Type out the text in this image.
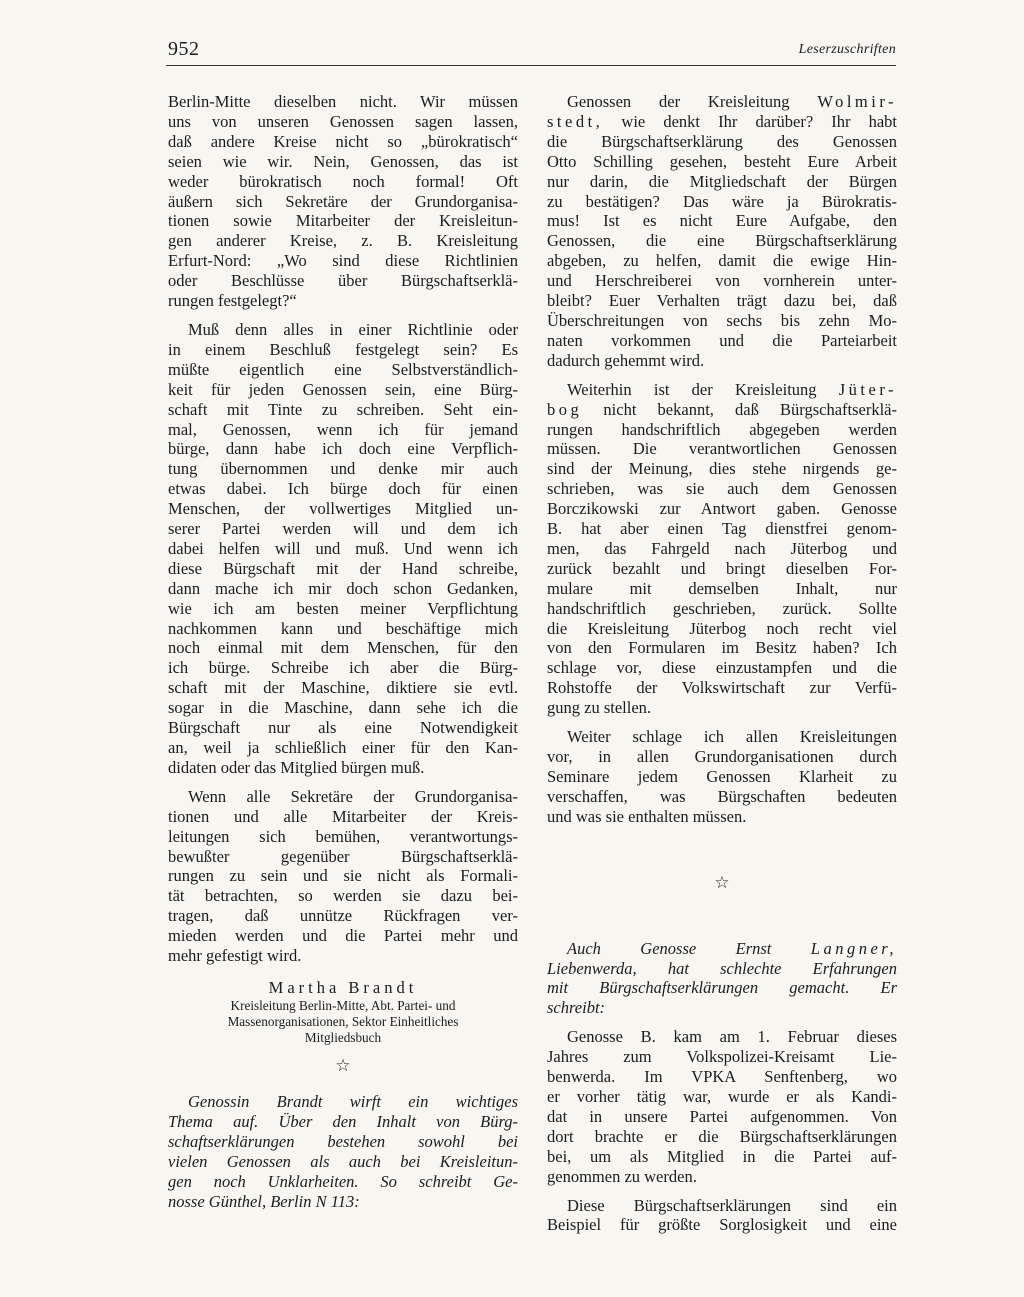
952	Leserzuschriften
Berlin-Mitte dieselben nicht. Wir müssen
uns von unseren Genossen sagen lassen,
daß andere Kreise nicht so „bürokratisch“
seien wie wir. Nein, Genossen, das ist
weder bürokratisch noch formal! Oft
äußern sich Sekretäre der Grundorganisa-
tionen sowie Mitarbeiter der Kreisleitun-
gen anderer Kreise, z. B. Kreisleitung
Erfurt-Nord: „Wo sind diese Richtlinien
oder Beschlüsse über Bürgschaftserklä-
rungen festgelegt?“
Muß denn alles in einer Richtlinie oder
in einem Beschluß festgelegt sein? Es
müßte eigentlich eine Selbstverständlich-
keit für jeden Genossen sein, eine Bürg-
schaft mit Tinte zu schreiben. Seht ein-
mal, Genossen, wenn ich für jemand
bürge, dann habe ich doch eine Verpflich-
tung übernommen und denke mir auch
etwas dabei. Ich bürge doch für einen
Menschen, der vollwertiges Mitglied un-
serer Partei werden will und dem ich
dabei helfen will und muß. Und wenn ich
diese Bürgschaft mit der Hand schreibe,
dann mache ich mir doch schon Gedanken,
wie ich am besten meiner Verpflichtung
nachkommen kann und beschäftige mich
noch einmal mit dem Menschen, für den
ich bürge. Schreibe ich aber die Bürg-
schaft mit der Maschine, diktiere sie evtl.
sogar in die Maschine, dann sehe ich die
Bürgschaft nur als eine Notwendigkeit
an, weil ja schließlich einer für den Kan-
didaten oder das Mitglied bürgen muß.
Wenn alle Sekretäre der Grundorganisa-
tionen und alle Mitarbeiter der Kreis-
leitungen sich bemühen, verantwortungs-
bewußter gegenüber Bürgschaftserklä-
rungen zu sein und sie nicht als Formali-
tät betrachten, so werden sie dazu bei-
tragen, daß unnütze Rückfragen ver-
mieden werden und die Partei mehr und
mehr gefestigt wird.
Martha Brandt
Kreisleitung Berlin-Mitte, Abt. Partei- und
Massenorganisationen, Sektor Einheitliches
Mitgliedsbuch
☆
Genossin Brandt wirft ein wichtiges
Thema auf. Über den Inhalt von Bürg-
schaftserklärungen bestehen sowohl bei
vielen Genossen als auch bei Kreisleitun-
gen noch Unklarheiten. So schreibt Ge-
nosse Günthel, Berlin N 113:
Genossen der Kreisleitung Wolmir-
stedt, wie denkt Ihr darüber? Ihr habt
die Bürgschaftserklärung des Genossen
Otto Schilling gesehen, besteht Eure Arbeit
nur darin, die Mitgliedschaft der Bürgen
zu bestätigen? Das wäre ja Bürokratis-
mus! Ist es nicht Eure Aufgabe, den
Genossen, die eine Bürgschaftserklärung
abgeben, zu helfen, damit die ewige Hin-
und Herschreiberei von vornherein unter-
bleibt? Euer Verhalten trägt dazu bei, daß
Überschreitungen von sechs bis zehn Mo-
naten vorkommen und die Parteiarbeit
dadurch gehemmt wird.
Weiterhin ist der Kreisleitung Jüter-
bog nicht bekannt, daß Bürgschaftserklä-
rungen handschriftlich abgegeben werden
müssen. Die verantwortlichen Genossen
sind der Meinung, dies stehe nirgends ge-
schrieben, was sie auch dem Genossen
Borczikowski zur Antwort gaben. Genosse
B. hat aber einen Tag dienstfrei genom-
men, das Fahrgeld nach Jüterbog und
zurück bezahlt und bringt dieselben For-
mulare mit demselben Inhalt, nur
handschriftlich geschrieben, zurück. Sollte
die Kreisleitung Jüterbog noch recht viel
von den Formularen im Besitz haben? Ich
schlage vor, diese einzustampfen und die
Rohstoffe der Volkswirtschaft zur Verfü-
gung zu stellen.
Weiter schlage ich allen Kreisleitungen
vor, in allen Grundorganisationen durch
Seminare jedem Genossen Klarheit zu
verschaffen, was Bürgschaften bedeuten
und was sie enthalten müssen.
☆
Auch Genosse Ernst Langner,
Liebenwerda, hat schlechte Erfahrungen
mit Bürgschaftserklärungen gemacht. Er
schreibt:
Genosse B. kam am 1. Februar dieses
Jahres zum Volkspolizei-Kreisamt Lie-
benwerda. Im VPKA Senftenberg, wo
er vorher tätig war, wurde er als Kandi-
dat in unsere Partei aufgenommen. Von
dort brachte er die Bürgschaftserklärungen
bei, um als Mitglied in die Partei auf-
genommen zu werden.
Diese Bürgschaftserklärungen sind ein
Beispiel für größte Sorglosigkeit und eine
